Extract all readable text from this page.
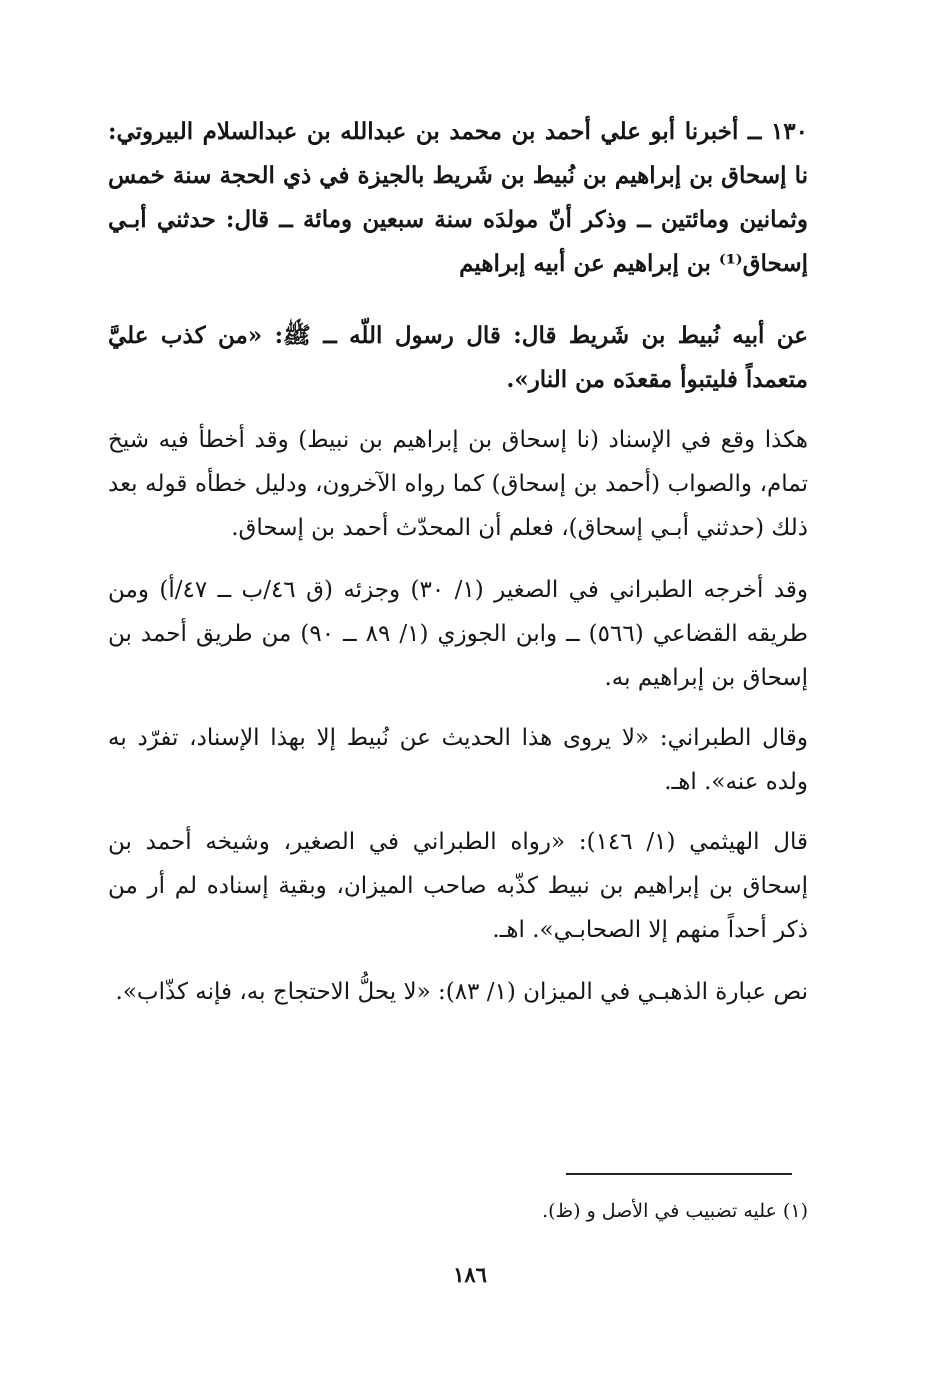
١٣٠ ــ أخبرنا أبو علي أحمد بن محمد بن عبدالله بن عبدالسلام البيروتي: نا إسحاق بن إبراهيم بن نُبيط بن شَريط بالجيزة في ذي الحجة سنة خمس وثمانين ومائتين ــ وذكر أنّ مولدَه سنة سبعين ومائة ــ قال: حدثني أبـي إسحاق⁽¹⁾ بن إبراهيم عن أبيه إبراهيم

عن أبيه نُبيط بن شَريط قال: قال رسول اللّه ــ ﷺ: «من كذب عليَّ متعمداً فليتبوأ مقعدَه من النار».

هكذا وقع في الإسناد (نا إسحاق بن إبراهيم بن نبيط) وقد أخطأ فيه شيخ تمام، والصواب (أحمد بن إسحاق) كما رواه الآخرون، ودليل خطأه قوله بعد ذلك (حدثني أبـي إسحاق)، فعلم أن المحدّث أحمد بن إسحاق.

وقد أخرجه الطبراني في الصغير (١/ ٣٠) وجزئه (ق ٤٦/ب ــ ٤٧/أ) ومن طريقه القضاعي (٥٦٦) ــ وابن الجوزي (١/ ٨٩ ــ ٩٠) من طريق أحمد بن إسحاق بن إبراهيم به.

وقال الطبراني: «لا يروى هذا الحديث عن نُبيط إلا بهذا الإسناد، تفرّد به ولده عنه». اهـ.

قال الهيثمي (١/ ١٤٦): «رواه الطبراني في الصغير، وشيخه أحمد بن إسحاق بن إبراهيم بن نبيط كذّبه صاحب الميزان، وبقية إسناده لم أر من ذكر أحداً منهم إلا الصحابـي». اهـ.

نص عبارة الذهبـي في الميزان (١/ ٨٣): «لا يحلُّ الاحتجاج به، فإنه كذّاب».

(١) عليه تضبيب في الأصل و (ظ).

١٨٦
